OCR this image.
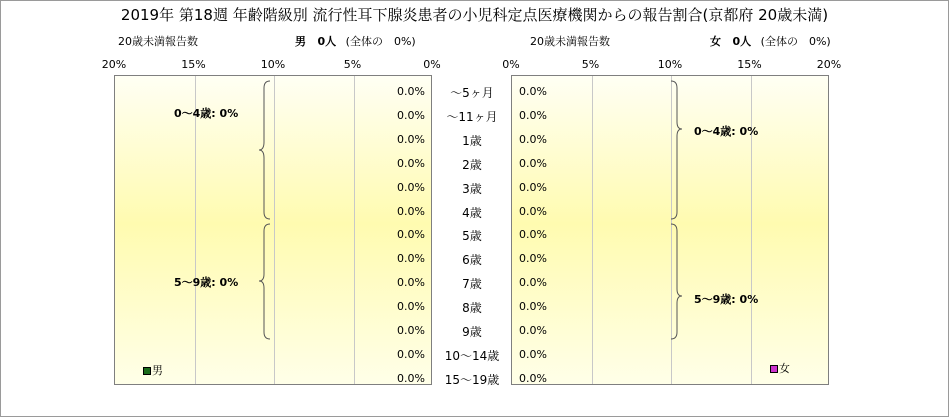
2019年 第18週 年齢階級別 流行性耳下腺炎患者の小児科定点医療機関からの報告割合(京都府 20歳未満)
20歳未満報告数	男 0人 (全体の　0%)	20歳未満報告数	女 0人 (全体の　0%)
20%	15%	10%	5%	0%	0%	5%	10%	15%	20%
～5ヶ月
0.0%	0.0%
～11ヶ月
0.0%	0.0%
1歳
0.0%	0.0%
2歳
0.0%	0.0%
3歳
0.0%	0.0%
4歳
0.0%	0.0%
5歳
0.0%	0.0%
6歳
0.0%	0.0%
7歳
0.0%	0.0%
8歳
0.0%	0.0%
9歳
0.0%	0.0%
10～14歳
0.0%	0.0%
15～19歳
0.0%	0.0%
0～4歳: 0%
5～9歳: 0%
0～4歳: 0%
5～9歳: 0%
男	女
